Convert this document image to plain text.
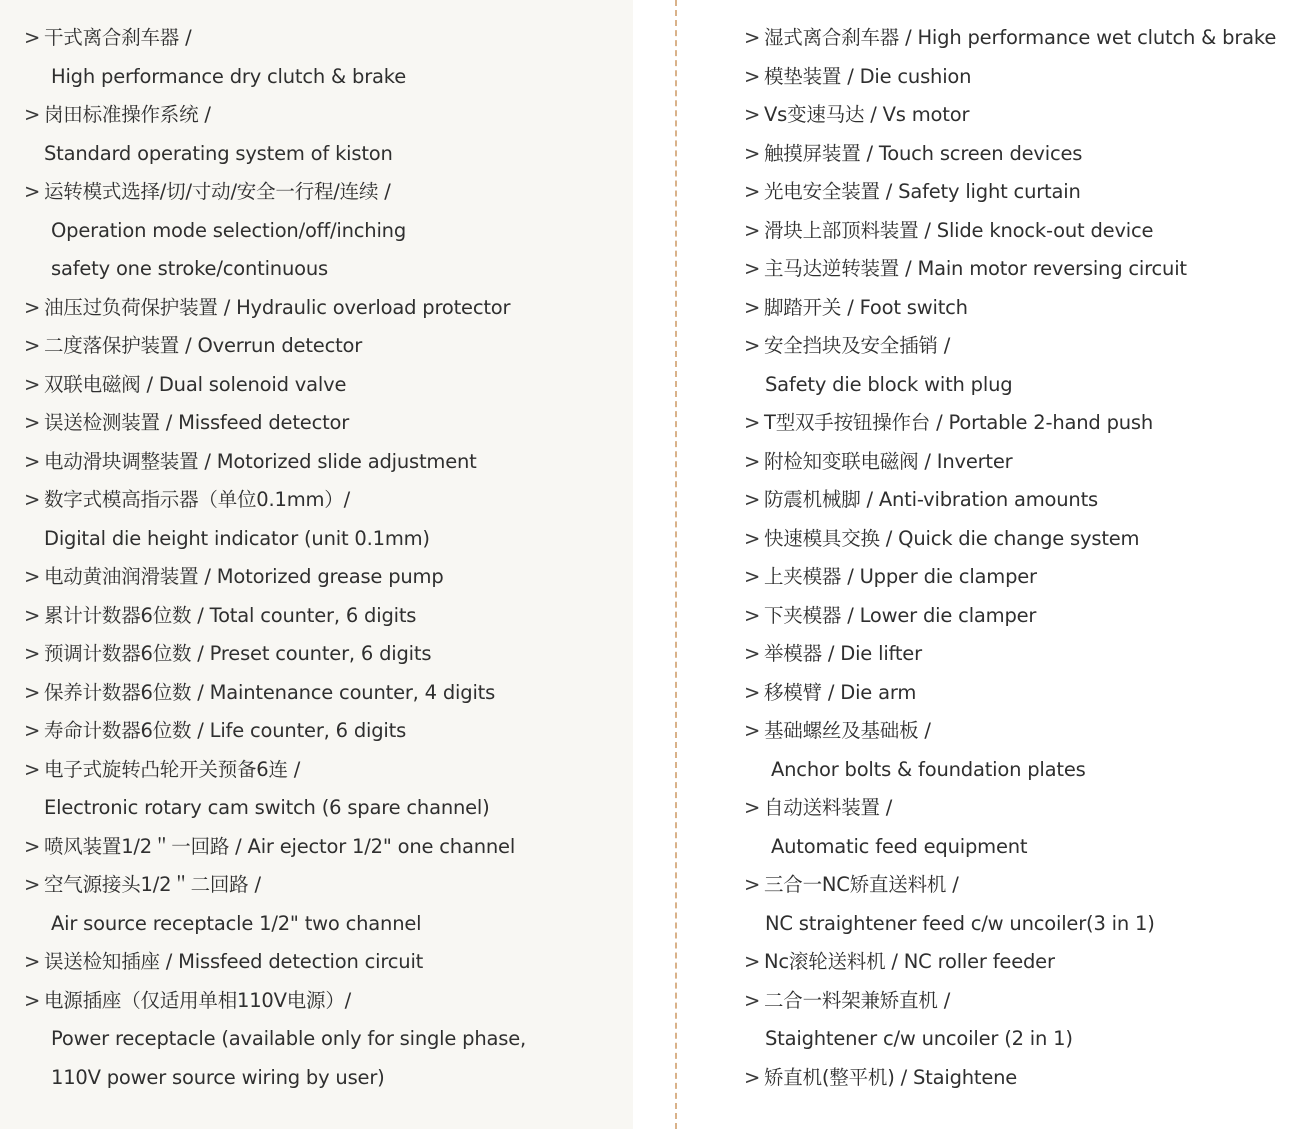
> 干式离合刹车器 /
High performance dry clutch & brake
> 岗田标准操作系统 /
Standard operating system of kiston
> 运转模式选择/切/寸动/安全一行程/连续 /
Operation mode selection/off/inching
safety one stroke/continuous
> 油压过负荷保护装置 / Hydraulic overload protector
> 二度落保护装置 / Overrun detector
> 双联电磁阀 / Dual solenoid valve
> 误送检测装置 / Missfeed detector
> 电动滑块调整装置 / Motorized slide adjustment
> 数字式模高指示器（单位0.1mm）/
Digital die height indicator (unit 0.1mm)
> 电动黄油润滑装置 / Motorized grease pump
> 累计计数器6位数 / Total counter, 6 digits
> 预调计数器6位数 / Preset counter, 6 digits
> 保养计数器6位数 / Maintenance counter, 4 digits
> 寿命计数器6位数 / Life counter, 6 digits
> 电子式旋转凸轮开关预备6连 /
Electronic rotary cam switch (6 spare channel)
> 喷风装置1/2＂一回路 / Air ejector 1/2" one channel
> 空气源接头1/2＂二回路 /
Air source receptacle 1/2" two channel
> 误送检知插座 / Missfeed detection circuit
> 电源插座（仅适用单相110V电源）/
Power receptacle (available only for single phase,
110V power source wiring by user)
> 湿式离合刹车器 / High performance wet clutch & brake
> 模垫装置 / Die cushion
> Vs变速马达 / Vs motor
> 触摸屏装置 / Touch screen devices
> 光电安全装置 / Safety light curtain
> 滑块上部顶料装置 / Slide knock-out device
> 主马达逆转装置 / Main motor reversing circuit
> 脚踏开关 / Foot switch
> 安全挡块及安全插销 /
Safety die block with plug
> T型双手按钮操作台 / Portable 2-hand push
> 附检知变联电磁阀 / Inverter
> 防震机械脚 / Anti-vibration amounts
> 快速模具交换 / Quick die change system
> 上夹模器 / Upper die clamper
> 下夹模器 / Lower die clamper
> 举模器 / Die lifter
> 移模臂 / Die arm
> 基础螺丝及基础板 /
Anchor bolts & foundation plates
> 自动送料装置 /
Automatic feed equipment
> 三合一NC矫直送料机 /
NC straightener feed c/w uncoiler(3 in 1)
> Nc滚轮送料机 / NC roller feeder
> 二合一料架兼矫直机 /
Staightener c/w uncoiler (2 in 1)
> 矫直机(整平机) / Staightene
